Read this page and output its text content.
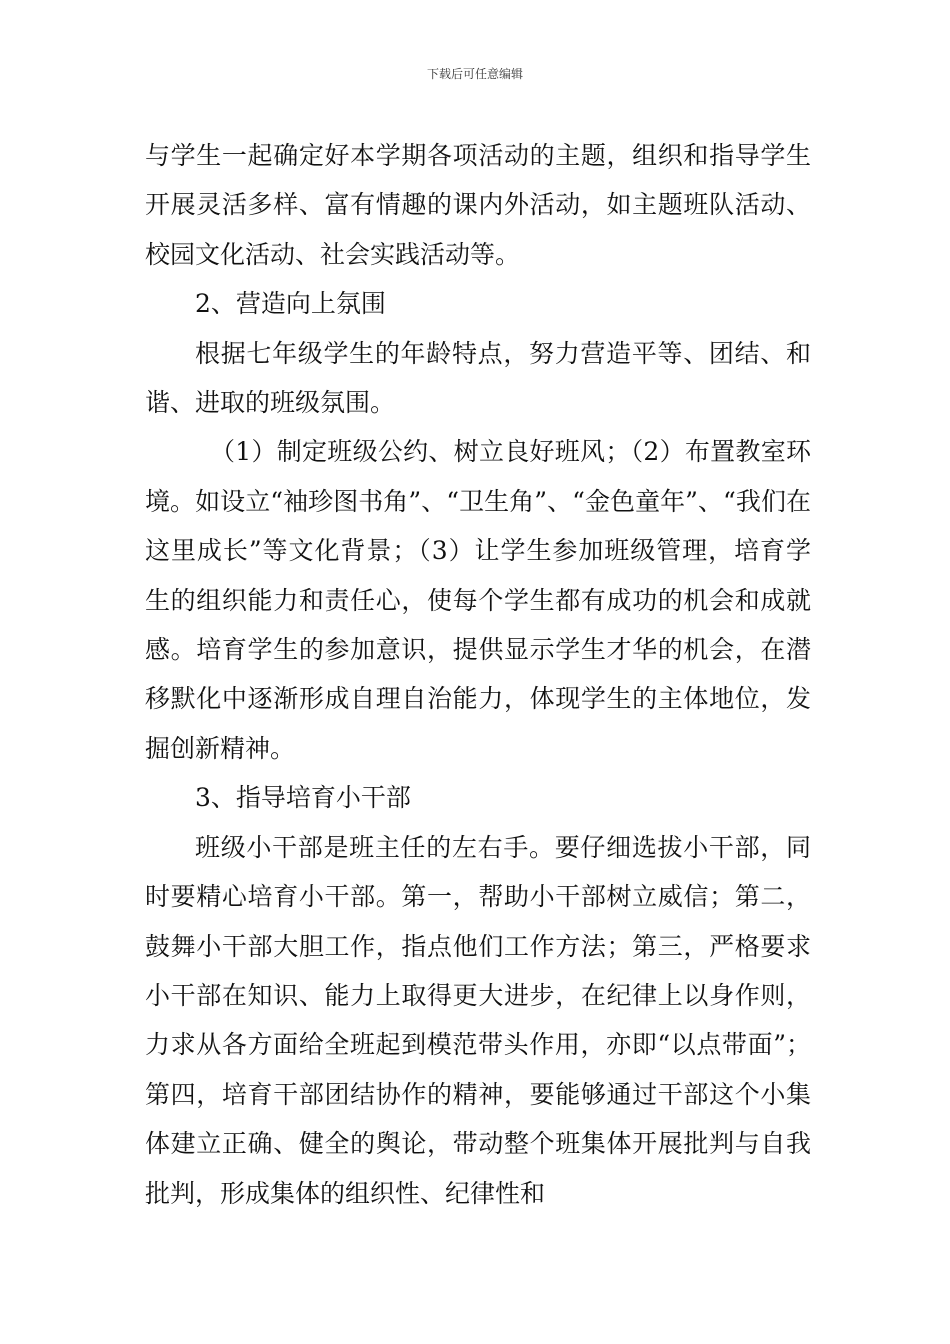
下载后可任意编辑

与学生一起确定好本学期各项活动的主题，组织和指导学生开展灵活多样、富有情趣的课内外活动，如主题班队活动、校园文化活动、社会实践活动等。

2、营造向上氛围

根据七年级学生的年龄特点，努力营造平等、团结、和谐、进取的班级氛围。

（1）制定班级公约、树立良好班风；（2）布置教室环境。如设立“袖珍图书角”、“卫生角”、“金色童年”、“我们在这里成长”等文化背景；（3）让学生参加班级管理，培育学生的组织能力和责任心，使每个学生都有成功的机会和成就感。培育学生的参加意识，提供显示学生才华的机会，在潜移默化中逐渐形成自理自治能力，体现学生的主体地位，发掘创新精神。

3、指导培育小干部

班级小干部是班主任的左右手。要仔细选拔小干部，同时要精心培育小干部。第一，帮助小干部树立威信；第二，鼓舞小干部大胆工作，指点他们工作方法；第三，严格要求小干部在知识、能力上取得更大进步，在纪律上以身作则，力求从各方面给全班起到模范带头作用，亦即“以点带面”；第四，培育干部团结协作的精神，要能够通过干部这个小集体建立正确、健全的舆论，带动整个班集体开展批判与自我批判，形成集体的组织性、纪律性和
